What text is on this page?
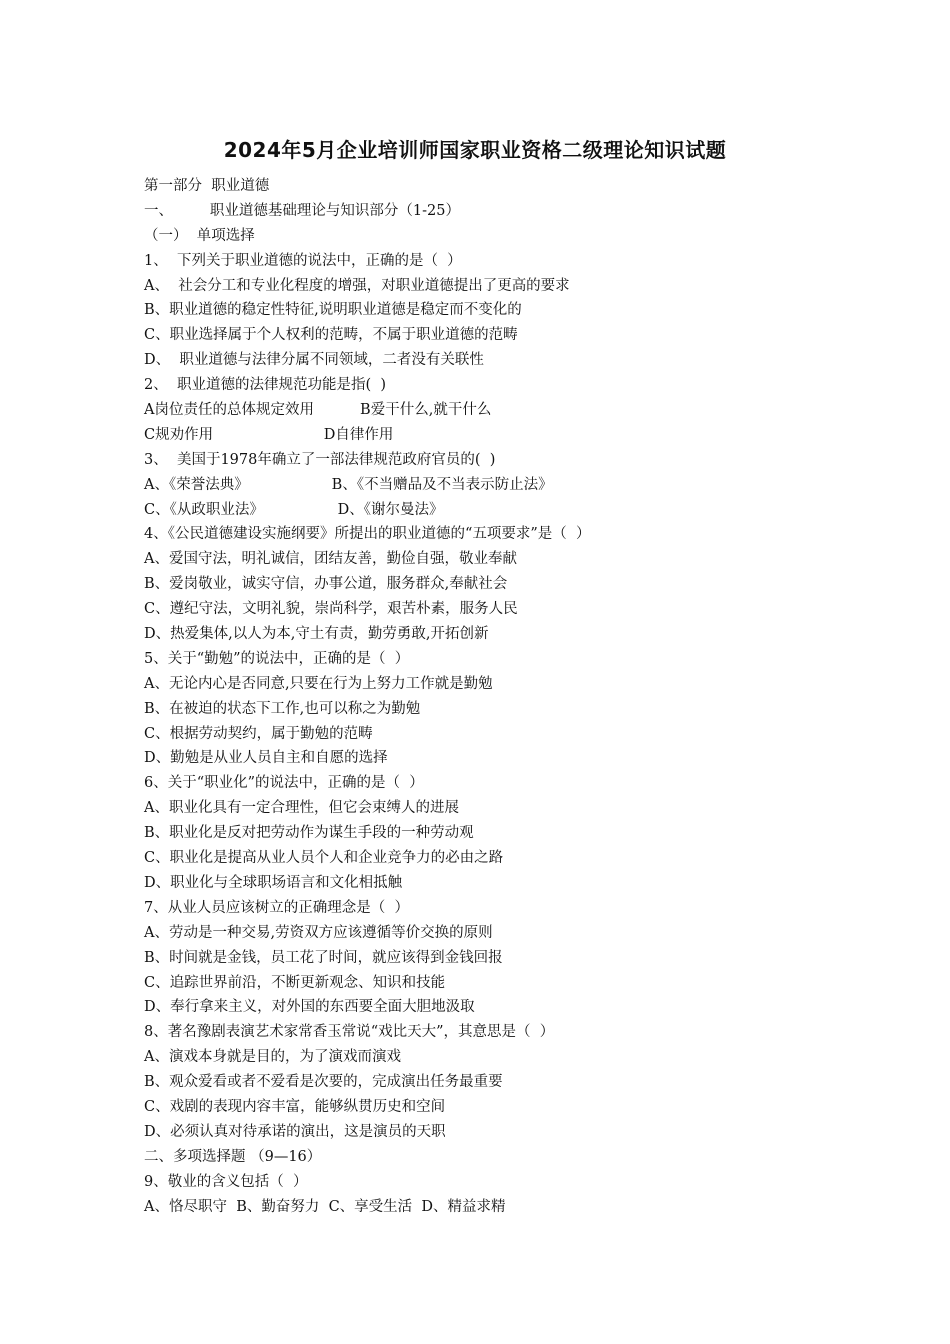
2024年5月企业培训师国家职业资格二级理论知识试题
第一部分  职业道德
一、        职业道德基础理论与知识部分（1-25）
（一）  单项选择
1、  下列关于职业道德的说法中，正确的是（  ）
A、  社会分工和专业化程度的增强，对职业道德提出了更高的要求
B、职业道德的稳定性特征,说明职业道德是稳定而不变化的
C、职业选择属于个人权利的范畴，不属于职业道德的范畴
D、  职业道德与法律分属不同领域，二者没有关联性
2、  职业道德的法律规范功能是指(  )
A岗位责任的总体规定效用          B爱干什么,就干什么
C规劝作用                        D自律作用
3、  美国于1978年确立了一部法律规范政府官员的(  )
A、《荣誉法典》                  B、《不当赠品及不当表示防止法》
C、《从政职业法》                D、《谢尔曼法》
4、《公民道德建设实施纲要》所提出的职业道德的“五项要求”是（  ）
A、爱国守法，明礼诚信，团结友善，勤俭自强，敬业奉献
B、爱岗敬业，诚实守信，办事公道，服务群众,奉献社会
C、遵纪守法，文明礼貌，崇尚科学，艰苦朴素，服务人民
D、热爱集体,以人为本,守土有责，勤劳勇敢,开拓创新
5、关于“勤勉”的说法中，正确的是（  ）
A、无论内心是否同意,只要在行为上努力工作就是勤勉
B、在被迫的状态下工作,也可以称之为勤勉
C、根据劳动契约，属于勤勉的范畴
D、勤勉是从业人员自主和自愿的选择
6、关于“职业化”的说法中，正确的是（  ）
A、职业化具有一定合理性，但它会束缚人的进展
B、职业化是反对把劳动作为谋生手段的一种劳动观
C、职业化是提高从业人员个人和企业竞争力的必由之路
D、职业化与全球职场语言和文化相抵触
7、从业人员应该树立的正确理念是（  ）
A、劳动是一种交易,劳资双方应该遵循等价交换的原则
B、时间就是金钱，员工花了时间，就应该得到金钱回报
C、追踪世界前沿，不断更新观念、知识和技能
D、奉行拿来主义，对外国的东西要全面大胆地汲取
8、著名豫剧表演艺术家常香玉常说“戏比天大”，其意思是（  ）
A、演戏本身就是目的，为了演戏而演戏
B、观众爱看或者不爱看是次要的，完成演出任务最重要
C、戏剧的表现内容丰富，能够纵贯历史和空间
D、必须认真对待承诺的演出，这是演员的天职
二、多项选择题 （9—16）
9、敬业的含义包括（  ）
A、恪尽职守  B、勤奋努力  C、享受生活  D、精益求精
